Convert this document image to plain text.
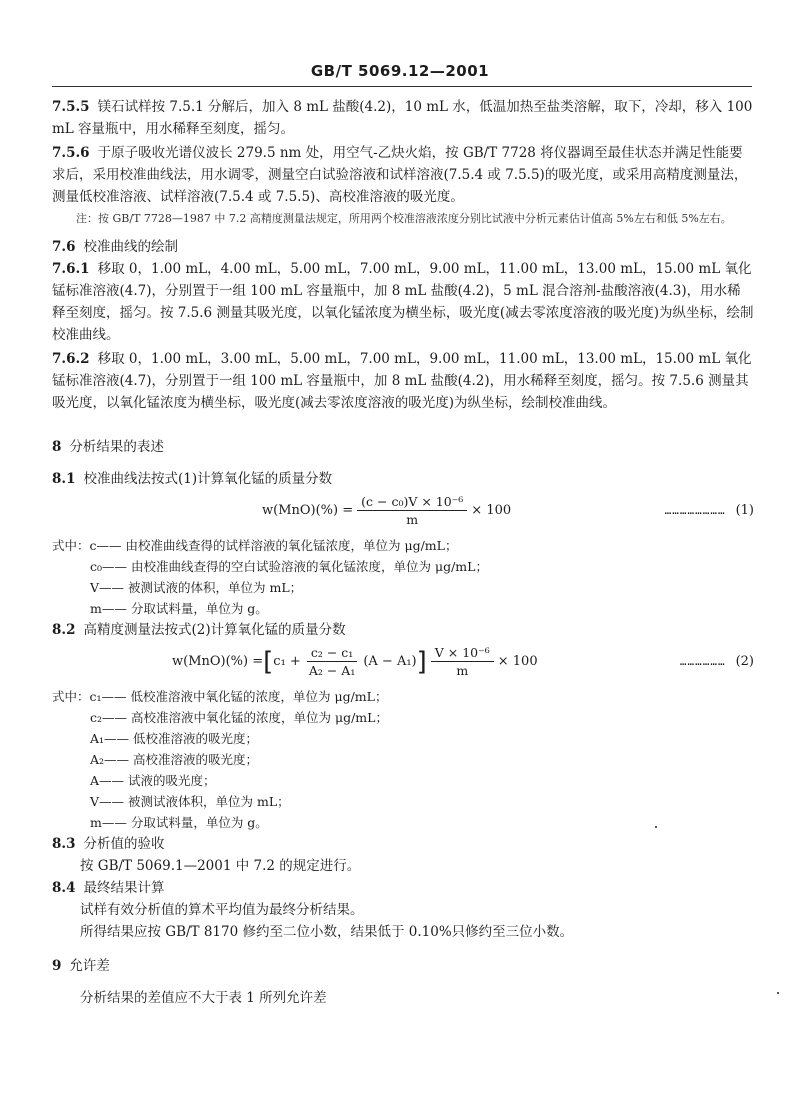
GB/T 5069.12—2001

7.5.5 镁石试样按 7.5.1 分解后，加入 8 mL 盐酸(4.2)，10 mL 水，低温加热至盐类溶解，取下，冷却，移入 100 mL 容量瓶中，用水稀释至刻度，摇匀。

7.5.6 于原子吸收光谱仪波长 279.5 nm 处，用空气-乙炔火焰，按 GB/T 7728 将仪器调至最佳状态并满足性能要求后，采用校准曲线法，用水调零，测量空白试验溶液和试样溶液(7.5.4 或 7.5.5)的吸光度，或采用高精度测量法，测量低校准溶液、试样溶液(7.5.4 或 7.5.5)、高校准溶液的吸光度。

注：按 GB/T 7728—1987 中 7.2 高精度测量法规定，所用两个校准溶液浓度分别比试液中分析元素估计值高 5%左右和低 5%左右。

7.6 校准曲线的绘制

7.6.1 移取 0，1.00 mL，4.00 mL，5.00 mL，7.00 mL，9.00 mL，11.00 mL，13.00 mL，15.00 mL 氧化锰标准溶液(4.7)，分别置于一组 100 mL 容量瓶中，加 8 mL 盐酸(4.2)，5 mL 混合溶剂-盐酸溶液(4.3)，用水稀释至刻度，摇匀。按 7.5.6 测量其吸光度，以氧化锰浓度为横坐标，吸光度(减去零浓度溶液的吸光度)为纵坐标，绘制校准曲线。

7.6.2 移取 0，1.00 mL，3.00 mL，5.00 mL，7.00 mL，9.00 mL，11.00 mL，13.00 mL，15.00 mL 氧化锰标准溶液(4.7)，分别置于一组 100 mL 容量瓶中，加 8 mL 盐酸(4.2)，用水稀释至刻度，摇匀。按 7.5.6 测量其吸光度，以氧化锰浓度为横坐标，吸光度(减去零浓度溶液的吸光度)为纵坐标，绘制校准曲线。

8 分析结果的表述

8.1 校准曲线法按式(1)计算氧化锰的质量分数

$w(MnO)(\%) = \frac{\text{(c − c₀)V × 10⁻⁶}}{m} \times 100$	…………………… (1)

式中：c—— 由校准曲线查得的试样溶液的氧化锰浓度，单位为 μg/mL；

c₀—— 由校准曲线查得的空白试验溶液的氧化锰浓度，单位为 μg/mL；

V—— 被测试液的体积，单位为 mL；

m—— 分取试料量，单位为 g。

8.2 高精度测量法按式(2)计算氧化锰的质量分数

w(MnO)(%) = [ $c_1 + \frac{\text{c₂ − c₁}}{\text{A₂ − A₁}} (A - A_1)$ ] $\frac{\text{V × 10⁻⁶}}{m} \times 100$	……………… (2)

式中：c₁—— 低校准溶液中氧化锰的浓度，单位为 μg/mL；

c₂—— 高校准溶液中氧化锰的浓度，单位为 μg/mL；

A₁—— 低校准溶液的吸光度；

A₂—— 高校准溶液的吸光度；

A—— 试液的吸光度；

V—— 被测试液体积，单位为 mL；

m—— 分取试料量，单位为 g。

8.3 分析值的验收

按 GB/T 5069.1—2001 中 7.2 的规定进行。

8.4 最终结果计算

试样有效分析值的算术平均值为最终分析结果。

所得结果应按 GB/T 8170 修约至二位小数，结果低于 0.10%只修约至三位小数。

9 允许差

分析结果的差值应不大于表 1 所列允许差
